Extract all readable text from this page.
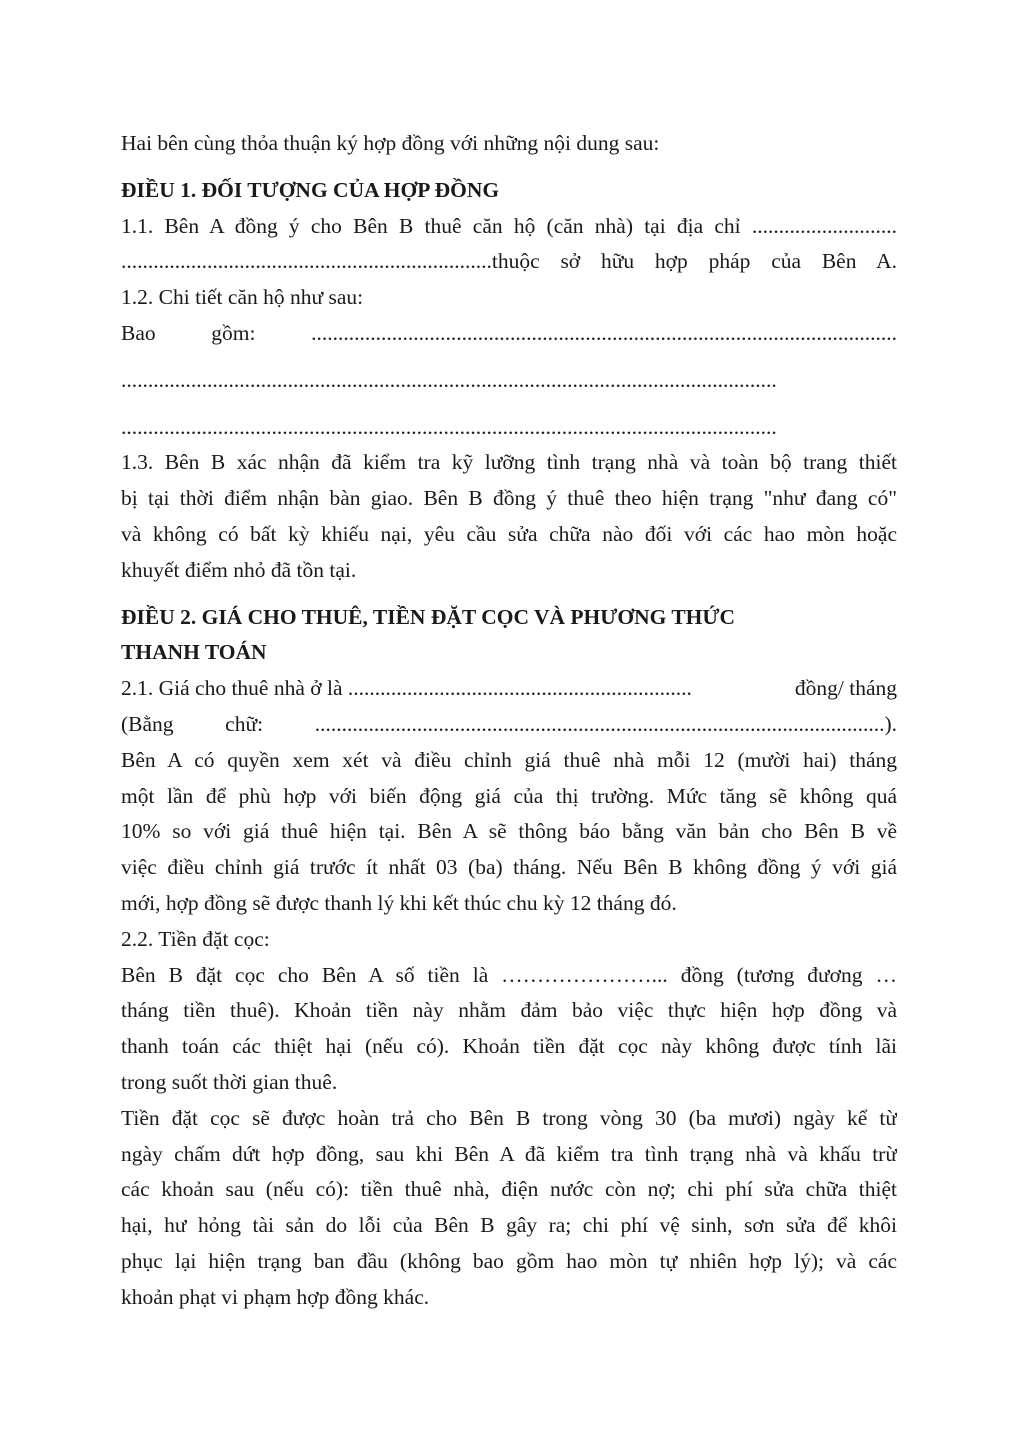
Hai bên cùng thỏa thuận ký hợp đồng với những nội dung sau:
ĐIỀU 1. ĐỐI TƯỢNG CỦA HỢP ĐỒNG
1.1. Bên A đồng ý cho Bên B thuê căn hộ (căn nhà) tại địa chỉ ...........................
.....................................................................thuộc sở hữu hợp pháp của Bên A.
1.2. Chi tiết căn hộ như sau:
Bao gồm: .............................................................................................................
..........................................................................................................................
..........................................................................................................................
1.3. Bên B xác nhận đã kiểm tra kỹ lưỡng tình trạng nhà và toàn bộ trang thiết
bị tại thời điểm nhận bàn giao. Bên B đồng ý thuê theo hiện trạng "như đang có"
và không có bất kỳ khiếu nại, yêu cầu sửa chữa nào đối với các hao mòn hoặc
khuyết điểm nhỏ đã tồn tại.
ĐIỀU 2. GIÁ CHO THUÊ, TIỀN ĐẶT CỌC VÀ PHƯƠNG THỨC
THANH TOÁN
2.1. Giá cho thuê nhà ở là ................................................................	đồng/ tháng
(Bằng chữ: ..........................................................................................................).
Bên A có quyền xem xét và điều chỉnh giá thuê nhà mỗi 12 (mười hai) tháng
một lần để phù hợp với biến động giá của thị trường. Mức tăng sẽ không quá
10% so với giá thuê hiện tại. Bên A sẽ thông báo bằng văn bản cho Bên B về
việc điều chỉnh giá trước ít nhất 03 (ba) tháng. Nếu Bên B không đồng ý với giá
mới, hợp đồng sẽ được thanh lý khi kết thúc chu kỳ 12 tháng đó.
2.2. Tiền đặt cọc:
Bên B đặt cọc cho Bên A số tiền là …………………... đồng (tương đương …
tháng tiền thuê). Khoản tiền này nhằm đảm bảo việc thực hiện hợp đồng và
thanh toán các thiệt hại (nếu có). Khoản tiền đặt cọc này không được tính lãi
trong suốt thời gian thuê.
Tiền đặt cọc sẽ được hoàn trả cho Bên B trong vòng 30 (ba mươi) ngày kể từ
ngày chấm dứt hợp đồng, sau khi Bên A đã kiểm tra tình trạng nhà và khấu trừ
các khoản sau (nếu có): tiền thuê nhà, điện nước còn nợ; chi phí sửa chữa thiệt
hại, hư hỏng tài sản do lỗi của Bên B gây ra; chi phí vệ sinh, sơn sửa để khôi
phục lại hiện trạng ban đầu (không bao gồm hao mòn tự nhiên hợp lý); và các
khoản phạt vi phạm hợp đồng khác.
